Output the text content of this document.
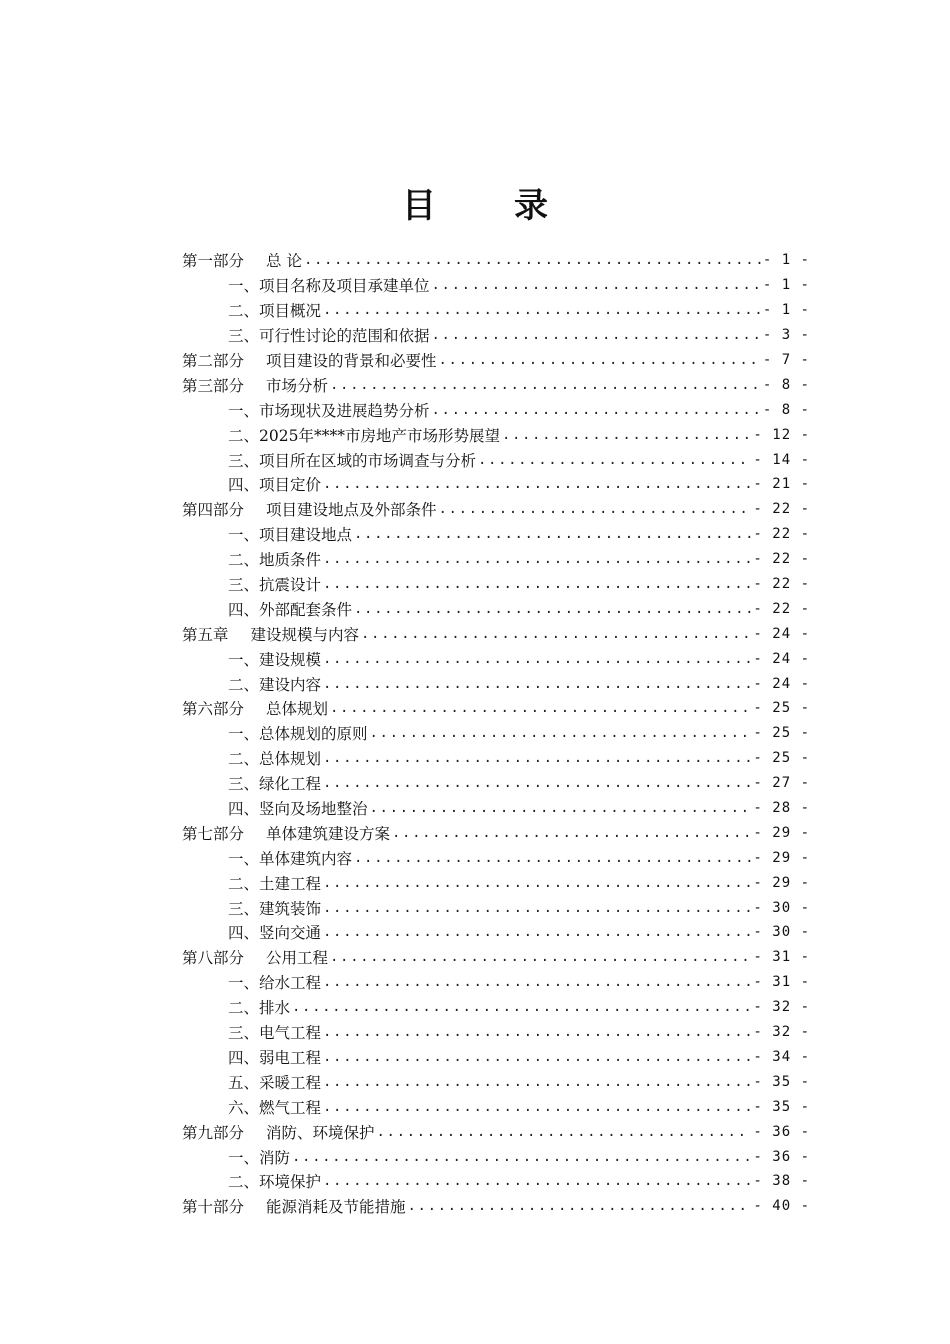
目 录
第一部分 总 论 .....	- 1 -
一、项目名称及项目承建单位 .....	- 1 -
二、项目概况 .....	- 1 -
三、可行性讨论的范围和依据 .....	- 3 -
第二部分 项目建设的背景和必要性 .....	- 7 -
第三部分 市场分析 .....	- 8 -
一、市场现状及进展趋势分析 .....	- 8 -
二、2025年****市房地产市场形势展望 .....	- 12 -
三、项目所在区域的市场调查与分析 .....	- 14 -
四、项目定价 .....	- 21 -
第四部分 项目建设地点及外部条件 .....	- 22 -
一、项目建设地点 .....	- 22 -
二、地质条件 .....	- 22 -
三、抗震设计 .....	- 22 -
四、外部配套条件 .....	- 22 -
第五章 建设规模与内容 .....	- 24 -
一、建设规模 .....	- 24 -
二、建设内容 .....	- 24 -
第六部分 总体规划 .....	- 25 -
一、总体规划的原则 .....	- 25 -
二、总体规划 .....	- 25 -
三、绿化工程 .....	- 27 -
四、竖向及场地整治 .....	- 28 -
第七部分 单体建筑建设方案 .....	- 29 -
一、单体建筑内容 .....	- 29 -
二、土建工程 .....	- 29 -
三、建筑装饰 .....	- 30 -
四、竖向交通 .....	- 30 -
第八部分 公用工程 .....	- 31 -
一、给水工程 .....	- 31 -
二、排水 .....	- 32 -
三、电气工程 .....	- 32 -
四、弱电工程 .....	- 34 -
五、采暖工程 .....	- 35 -
六、燃气工程 .....	- 35 -
第九部分 消防、环境保护 .....	- 36 -
一、消防 .....	- 36 -
二、环境保护 .....	- 38 -
第十部分 能源消耗及节能措施 .....	- 40 -
